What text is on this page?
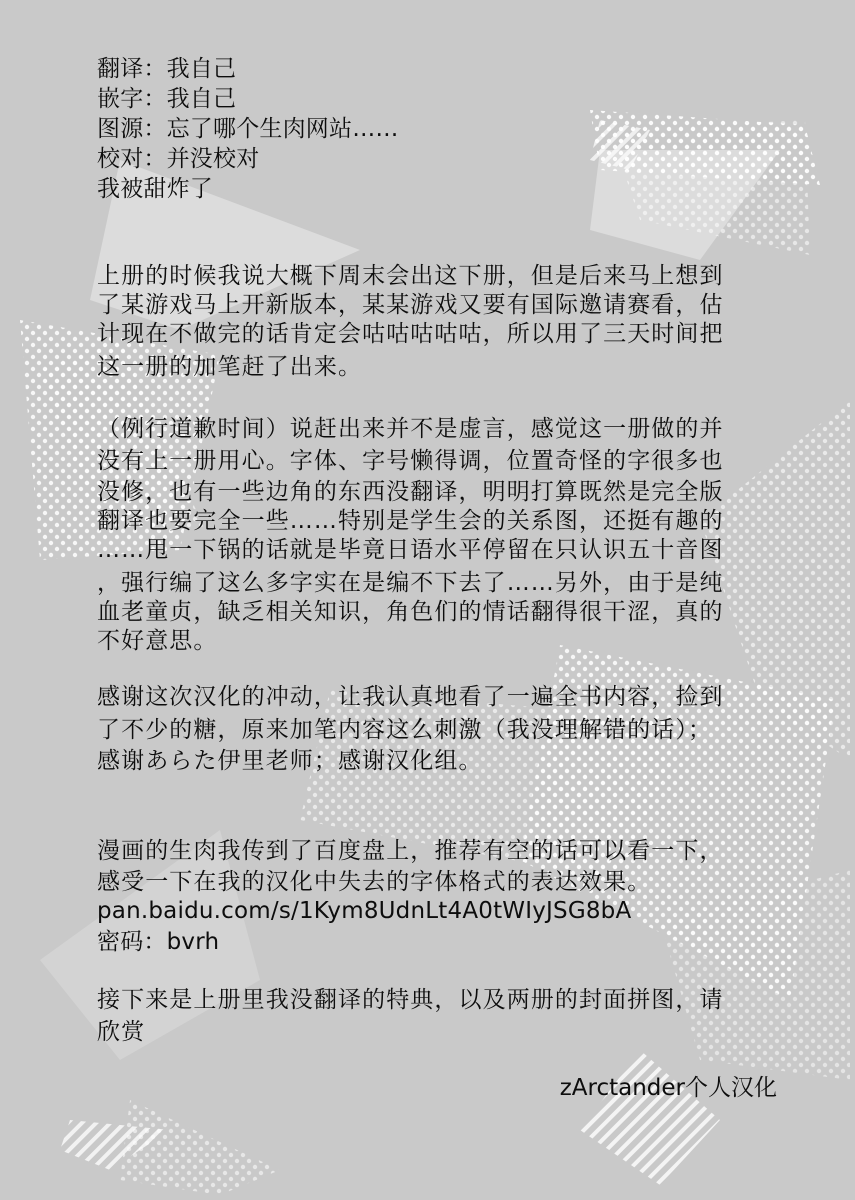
翻译：我自己
嵌字：我自己
图源：忘了哪个生肉网站……
校对：并没校对
我被甜炸了
上册的时候我说大概下周末会出这下册，但是后来马上想到
了某游戏马上开新版本，某某游戏又要有国际邀请赛看，估
计现在不做完的话肯定会咕咕咕咕咕，所以用了三天时间把
这一册的加笔赶了出来。
（例行道歉时间）说赶出来并不是虚言，感觉这一册做的并
没有上一册用心。字体、字号懒得调，位置奇怪的字很多也
没修，也有一些边角的东西没翻译，明明打算既然是完全版
翻译也要完全一些……特别是学生会的关系图，还挺有趣的
……甩一下锅的话就是毕竟日语水平停留在只认识五十音图
，强行编了这么多字实在是编不下去了……另外，由于是纯
血老童贞，缺乏相关知识，角色们的情话翻得很干涩，真的
不好意思。
感谢这次汉化的冲动，让我认真地看了一遍全书内容，捡到
了不少的糖，原来加笔内容这么刺激（我没理解错的话）；
感谢あらた伊里老师；感谢汉化组。
漫画的生肉我传到了百度盘上，推荐有空的话可以看一下，
感受一下在我的汉化中失去的字体格式的表达效果。
pan.baidu.com/s/1Kym8UdnLt4A0tWIyJSG8bA
密码：bvrh
接下来是上册里我没翻译的特典，以及两册的封面拼图，请
欣赏
zArctander个人汉化
